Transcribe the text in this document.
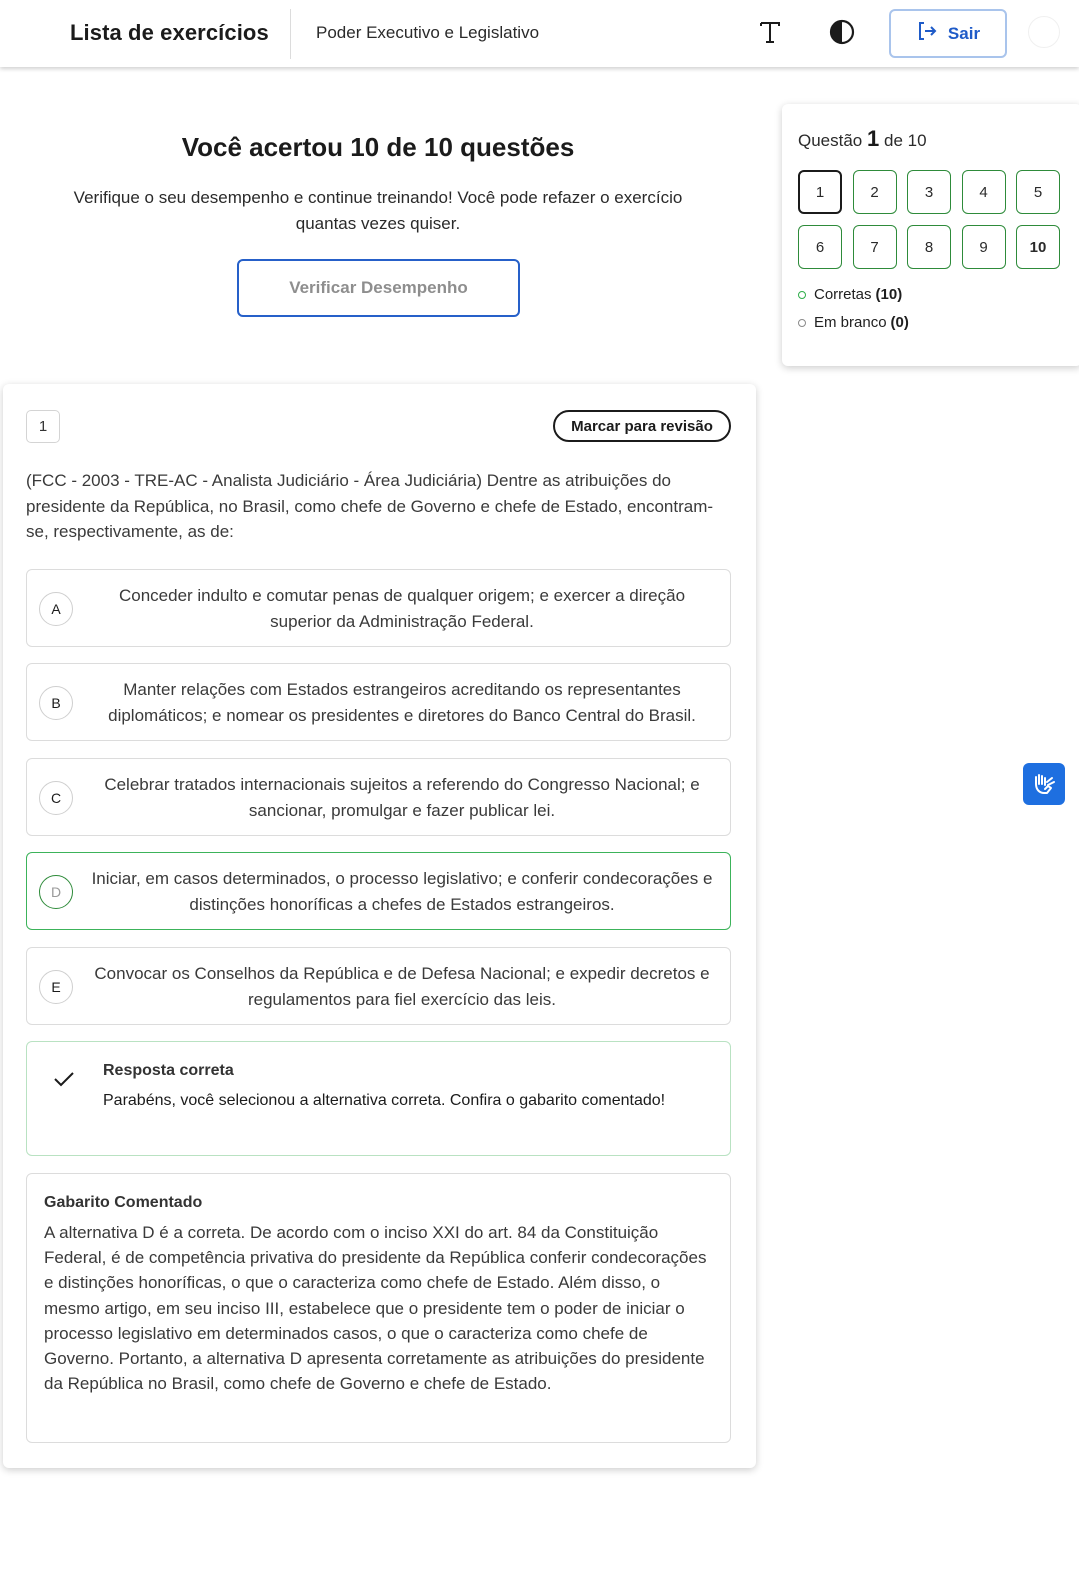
Lista de exercícios	Poder Executivo e Legislativo	Sair
Você acertou 10 de 10 questões
Verifique o seu desempenho e continue treinando! Você pode refazer o exercício quantas vezes quiser.
Verificar Desempenho
Questão 1 de 10
1	2	3	4	5
6	7	8	9	10
Corretas (10)
Em branco (0)
1	Marcar para revisão
(FCC - 2003 - TRE-AC - Analista Judiciário - Área Judiciária) Dentre as atribuições do presidente da República, no Brasil, como chefe de Governo e chefe de Estado, encontram-se, respectivamente, as de:
A
Conceder indulto e comutar penas de qualquer origem; e exercer a direção superior da Administração Federal.
B
Manter relações com Estados estrangeiros acreditando os representantes diplomáticos; e nomear os presidentes e diretores do Banco Central do Brasil.
C
Celebrar tratados internacionais sujeitos a referendo do Congresso Nacional; e sancionar, promulgar e fazer publicar lei.
D
Iniciar, em casos determinados, o processo legislativo; e conferir condecorações e distinções honoríficas a chefes de Estados estrangeiros.
E
Convocar os Conselhos da República e de Defesa Nacional; e expedir decretos e regulamentos para fiel exercício das leis.
Resposta correta
Parabéns, você selecionou a alternativa correta. Confira o gabarito comentado!
Gabarito Comentado
A alternativa D é a correta. De acordo com o inciso XXI do art. 84 da Constituição Federal, é de competência privativa do presidente da República conferir condecorações e distinções honoríficas, o que o caracteriza como chefe de Estado. Além disso, o mesmo artigo, em seu inciso III, estabelece que o presidente tem o poder de iniciar o processo legislativo em determinados casos, o que o caracteriza como chefe de Governo. Portanto, a alternativa D apresenta corretamente as atribuições do presidente da República no Brasil, como chefe de Governo e chefe de Estado.
